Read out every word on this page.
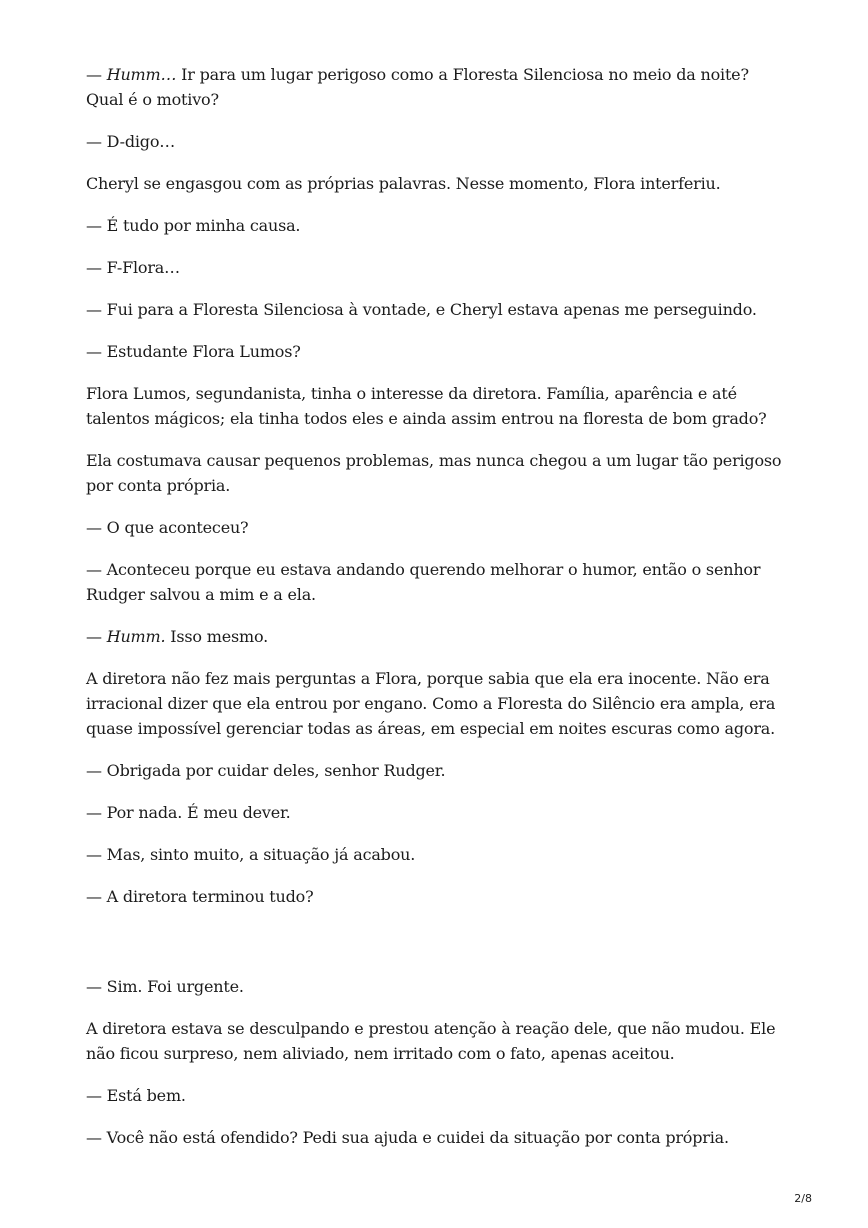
— Humm… Ir para um lugar perigoso como a Floresta Silenciosa no meio da noite? Qual é o motivo?

— D-digo…

Cheryl se engasgou com as próprias palavras. Nesse momento, Flora interferiu.

— É tudo por minha causa.

— F-Flora…

— Fui para a Floresta Silenciosa à vontade, e Cheryl estava apenas me perseguindo.

— Estudante Flora Lumos?

Flora Lumos, segundanista, tinha o interesse da diretora. Família, aparência e até talentos mágicos; ela tinha todos eles e ainda assim entrou na floresta de bom grado?

Ela costumava causar pequenos problemas, mas nunca chegou a um lugar tão perigoso por conta própria.

— O que aconteceu?

— Aconteceu porque eu estava andando querendo melhorar o humor, então o senhor Rudger salvou a mim e a ela.

— Humm. Isso mesmo.

A diretora não fez mais perguntas a Flora, porque sabia que ela era inocente. Não era irracional dizer que ela entrou por engano. Como a Floresta do Silêncio era ampla, era quase impossível gerenciar todas as áreas, em especial em noites escuras como agora.

— Obrigada por cuidar deles, senhor Rudger.

— Por nada. É meu dever.

— Mas, sinto muito, a situação já acabou.

— A diretora terminou tudo?

— Sim. Foi urgente.

A diretora estava se desculpando e prestou atenção à reação dele, que não mudou. Ele não ficou surpreso, nem aliviado, nem irritado com o fato, apenas aceitou.

— Está bem.

— Você não está ofendido? Pedi sua ajuda e cuidei da situação por conta própria.

2/8
